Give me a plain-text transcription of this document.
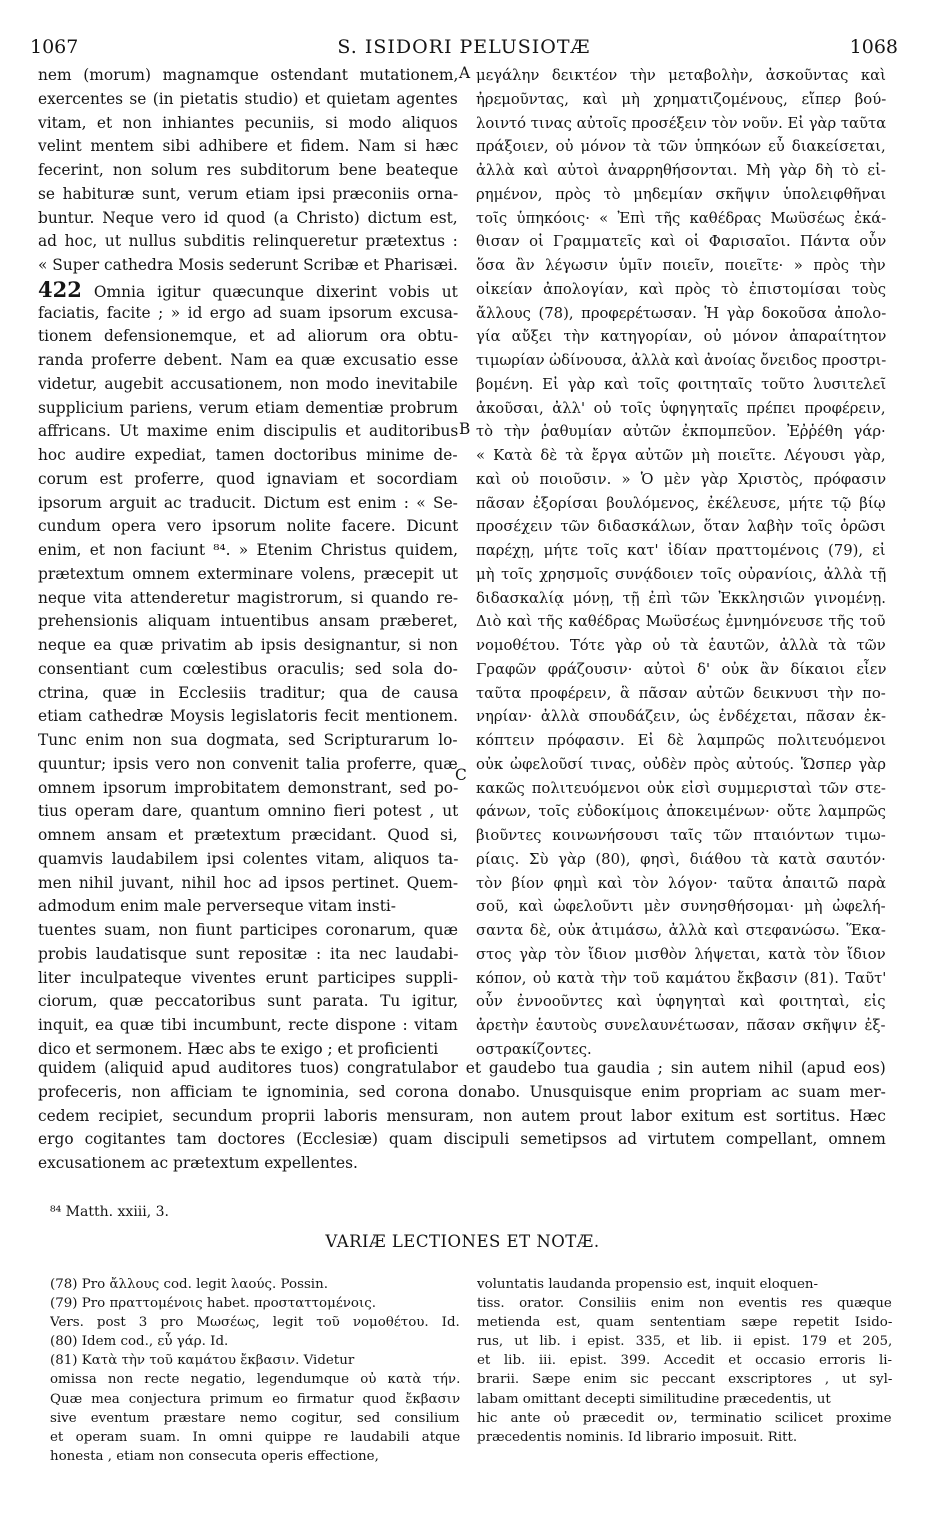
1067	S. ISIDORI PELUSIOTÆ	1068
nem (morum) magnamque ostendant mutationem,
exercentes se (in pietatis studio) et quietam agentes
vitam, et non inhiantes pecuniis, si modo aliquos
velint mentem sibi adhibere et fidem. Nam si hæc
fecerint, non solum res subditorum bene beateque
se habituræ sunt, verum etiam ipsi præconiis orna-
buntur. Neque vero id quod (a Christo) dictum est,
ad hoc, ut nullus subditis relinqueretur prætextus :
« Super cathedra Mosis sederunt Scribæ et Pharisæi.
422 Omnia igitur quæcunque dixerint vobis ut
faciatis, facite ; » id ergo ad suam ipsorum excusa-
tionem defensionemque, et ad aliorum ora obtu-
randa proferre debent. Nam ea quæ excusatio esse
videtur, augebit accusationem, non modo inevitabile
supplicium pariens, verum etiam dementiæ probrum
affricans. Ut maxime enim discipulis et auditoribus
hoc audire expediat, tamen doctoribus minime de-
corum est proferre, quod ignaviam et socordiam
ipsorum arguit ac traducit. Dictum est enim : « Se-
cundum opera vero ipsorum nolite facere. Dicunt
enim, et non faciunt ⁸⁴. » Etenim Christus quidem,
prætextum omnem exterminare volens, præcepit ut
neque vita attenderetur magistrorum, si quando re-
prehensionis aliquam intuentibus ansam præberet,
neque ea quæ privatim ab ipsis designantur, si non
consentiant cum cœlestibus oraculis; sed sola do-
ctrina, quæ in Ecclesiis traditur; qua de causa
etiam cathedræ Moysis legislatoris fecit mentionem.
Tunc enim non sua dogmata, sed Scripturarum lo-
quuntur; ipsis vero non convenit talia proferre, quæ
omnem ipsorum improbitatem demonstrant, sed po-
tius operam dare, quantum omnino fieri potest , ut
omnem ansam et prætextum præcidant. Quod si,
quamvis laudabilem ipsi colentes vitam, aliquos ta-
men nihil juvant, nihil hoc ad ipsos pertinet. Quem-
admodum enim male perverseque vitam insti-
tuentes suam, non fiunt participes coronarum, quæ
probis laudatisque sunt repositæ : ita nec laudabi-
liter inculpateque viventes erunt participes suppli-
ciorum, quæ peccatoribus sunt parata. Tu igitur,
inquit, ea quæ tibi incumbunt, recte dispone : vitam
dico et sermonem. Hæc abs te exigo ; et proficienti
μεγάλην δεικτέον τὴν μεταβολὴν, ἀσκοῦντας καὶ
ἠρεμοῦντας, καὶ μὴ χρηματιζομένους, εἴπερ βού-
λοιντό τινας αὐτοῖς προσέξειν τὸν νοῦν. Εἰ γὰρ ταῦτα
πράξοιεν, οὐ μόνον τὰ τῶν ὑπηκόων εὖ διακείσεται,
ἀλλὰ καὶ αὐτοὶ ἀναρρηθήσονται. Μὴ γὰρ δὴ τὸ εἰ-
ρημένον, πρὸς τὸ μηδεμίαν σκῆψιν ὑπολειφθῆναι
τοῖς ὑπηκόοις· « Ἐπὶ τῆς καθέδρας Μωϋσέως ἐκά-
θισαν οἱ Γραμματεῖς καὶ οἱ Φαρισαῖοι. Πάντα οὖν
ὅσα ἂν λέγωσιν ὑμῖν ποιεῖν, ποιεῖτε· » πρὸς τὴν
οἰκείαν ἀπολογίαν, καὶ πρὸς τὸ ἐπιστομίσαι τοὺς
ἄλλους (78), προφερέτωσαν. Ἡ γὰρ δοκοῦσα ἀπολο-
γία αὔξει τὴν κατηγορίαν, οὐ μόνον ἀπαραίτητον
τιμωρίαν ὠδίνουσα, ἀλλὰ καὶ ἀνοίας ὄνειδος προστρι-
βομένη. Εἰ γὰρ καὶ τοῖς φοιτηταῖς τοῦτο λυσιτελεῖ
ἀκοῦσαι, ἀλλ' οὐ τοῖς ὑφηγηταῖς πρέπει προφέρειν,
τὸ τὴν ῥαθυμίαν αὐτῶν ἐκπομπεῦον. Ἐῤῥέθη γάρ·
« Κατὰ δὲ τὰ ἔργα αὐτῶν μὴ ποιεῖτε. Λέγουσι γὰρ,
καὶ οὐ ποιοῦσιν. » Ὁ μὲν γὰρ Χριστὸς, πρόφασιν
πᾶσαν ἐξορίσαι βουλόμενος, ἐκέλευσε, μήτε τῷ βίῳ
προσέχειν τῶν διδασκάλων, ὅταν λαβὴν τοῖς ὁρῶσι
παρέχῃ, μήτε τοῖς κατ' ἰδίαν πραττομένοις (79), εἰ
μὴ τοῖς χρησμοῖς συνᾴδοιεν τοῖς οὐρανίοις, ἀλλὰ τῇ
διδασκαλίᾳ μόνῃ, τῇ ἐπὶ τῶν Ἐκκλησιῶν γινομένῃ.
Διὸ καὶ τῆς καθέδρας Μωϋσέως ἐμνημόνευσε τῆς τοῦ
νομοθέτου. Τότε γὰρ οὐ τὰ ἑαυτῶν, ἀλλὰ τὰ τῶν
Γραφῶν φράζουσιν· αὐτοὶ δ' οὐκ ἂν δίκαιοι εἶεν
ταῦτα προφέρειν, ἃ πᾶσαν αὐτῶν δεικνυσι τὴν πο-
νηρίαν· ἀλλὰ σπουδάζειν, ὡς ἐνδέχεται, πᾶσαν ἐκ-
κόπτειν πρόφασιν. Εἰ δὲ λαμπρῶς πολιτευόμενοι
οὐκ ὠφελοῦσί τινας, οὐδὲν πρὸς αὐτούς. Ὥσπερ γὰρ
κακῶς πολιτευόμενοι οὐκ εἰσὶ συμμερισταὶ τῶν στε-
φάνων, τοῖς εὐδοκίμοις ἀποκειμένων· οὔτε λαμπρῶς
βιοῦντες κοινωνήσουσι ταῖς τῶν πταιόντων τιμω-
ρίαις. Σὺ γὰρ (80), φησὶ, διάθου τὰ κατὰ σαυτόν·
τὸν βίον φημὶ καὶ τὸν λόγον· ταῦτα ἀπαιτῶ παρὰ
σοῦ, καὶ ὠφελοῦντι μὲν συνησθήσομαι· μὴ ὠφελή-
σαντα δὲ, οὐκ ἀτιμάσω, ἀλλὰ καὶ στεφανώσω. Ἕκα-
στος γὰρ τὸν ἴδιον μισθὸν λήψεται, κατὰ τὸν ἴδιον
κόπον, οὐ κατὰ τὴν τοῦ καμάτου ἔκβασιν (81). Ταῦτ'
οὖν ἐννοοῦντες καὶ ὑφηγηταὶ καὶ φοιτηταὶ, εἰς
ἀρετὴν ἑαυτοὺς συνελαυνέτωσαν, πᾶσαν σκῆψιν ἐξ-
οστρακίζοντες.
A
B
C
quidem (aliquid apud auditores tuos) congratulabor et gaudebo tua gaudia ; sin autem nihil (apud eos)
profeceris, non afficiam te ignominia, sed corona donabo. Unusquisque enim propriam ac suam mer-
cedem recipiet, secundum proprii laboris mensuram, non autem prout labor exitum est sortitus. Hæc
ergo cogitantes tam doctores (Ecclesiæ) quam discipuli semetipsos ad virtutem compellant, omnem
excusationem ac prætextum expellentes.
⁸⁴ Matth. xxiii, 3.
VARIÆ LECTIONES ET NOTÆ.
(78) Pro ἄλλους cod. legit λαούς. Possin.
(79) Pro πραττομένοις habet. προσταττομένοις.
Vers. post 3 pro Μωσέως, legit τοῦ νομοθέτου. Id.
(80) Idem cod., εὖ γάρ. Id.
(81) Κατὰ τὴν τοῦ καμάτου ἔκβασιν. Videtur
omissa non recte negatio, legendumque οὐ κατὰ τήν.
Quæ mea conjectura primum eo firmatur quod ἔκβασιν
sive eventum præstare nemo cogitur, sed consilium
et operam suam. In omni quippe re laudabili atque
honesta , etiam non consecuta operis effectione,
voluntatis laudanda propensio est, inquit eloquen-
tiss. orator. Consiliis enim non eventis res quæque
metienda est, quam sententiam sæpe repetit Isido-
rus, ut lib. i epist. 335, et lib. ii epist. 179 et 205,
et lib. iii. epist. 399. Accedit et occasio erroris li-
brarii. Sæpe enim sic peccant exscriptores , ut syl-
labam omittant decepti similitudine præcedentis, ut
hic ante οὐ præcedit ον, terminatio scilicet proxime
præcedentis nominis. Id librario imposuit. Ritt.
